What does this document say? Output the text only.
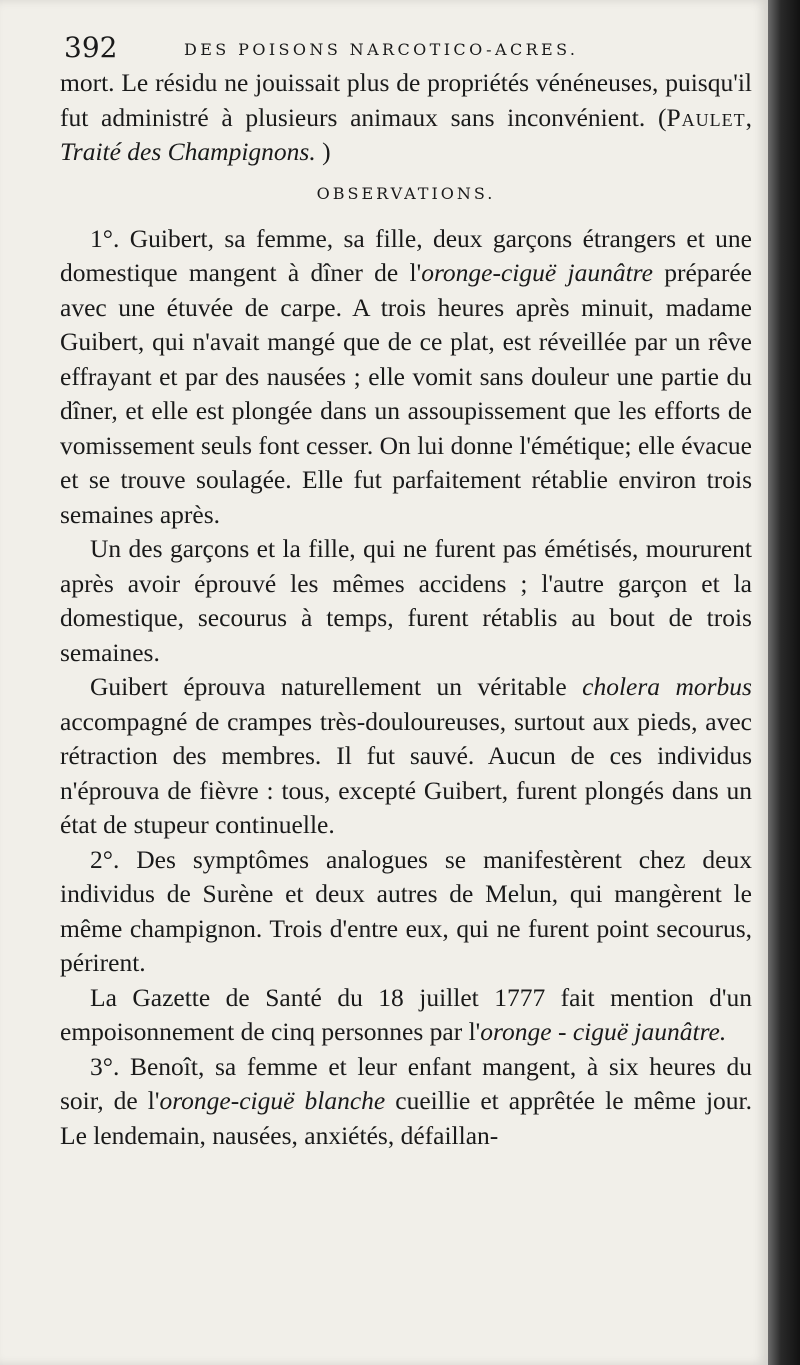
392	DES POISONS NARCOTICO-ACRES.

mort. Le résidu ne jouissait plus de propriétés vénéneuses, puisqu'il fut administré à plusieurs animaux sans inconvénient. (Paulet, Traité des Champignons. )

OBSERVATIONS.

1°. Guibert, sa femme, sa fille, deux garçons étrangers et une domestique mangent à dîner de l'oronge-ciguë jaunâtre préparée avec une étuvée de carpe. A trois heures après minuit, madame Guibert, qui n'avait mangé que de ce plat, est réveillée par un rêve effrayant et par des nausées ; elle vomit sans douleur une partie du dîner, et elle est plongée dans un assoupissement que les efforts de vomissement seuls font cesser. On lui donne l'émétique; elle évacue et se trouve soulagée. Elle fut parfaitement rétablie environ trois semaines après.

Un des garçons et la fille, qui ne furent pas émétisés, moururent après avoir éprouvé les mêmes accidens ; l'autre garçon et la domestique, secourus à temps, furent rétablis au bout de trois semaines.

Guibert éprouva naturellement un véritable cholera morbus accompagné de crampes très-douloureuses, surtout aux pieds, avec rétraction des membres. Il fut sauvé. Aucun de ces individus n'éprouva de fièvre : tous, excepté Guibert, furent plongés dans un état de stupeur continuelle.

2°. Des symptômes analogues se manifestèrent chez deux individus de Surène et deux autres de Melun, qui mangèrent le même champignon. Trois d'entre eux, qui ne furent point secourus, périrent.

La Gazette de Santé du 18 juillet 1777 fait mention d'un empoisonnement de cinq personnes par l'oronge - ciguë jaunâtre.

3°. Benoît, sa femme et leur enfant mangent, à six heures du soir, de l'oronge-ciguë blanche cueillie et apprêtée le même jour. Le lendemain, nausées, anxiétés, défaillan-
